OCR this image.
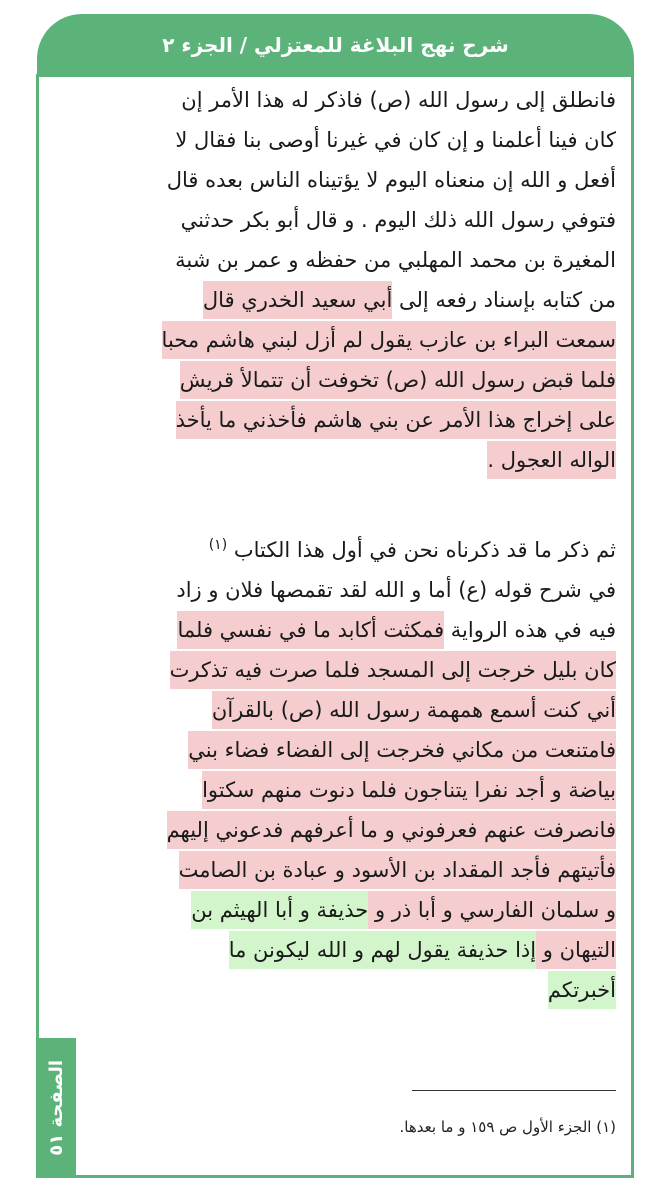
شرح نهج البلاغة للمعتزلي / الجزء ٢
الصفحة ٥١
فانطلق إلى رسول الله (ص) فاذكر له هذا الأمر إن
كان فينا أعلمنا و إن كان في غيرنا أوصى بنا فقال لا
أفعل و الله إن منعناه اليوم لا يؤتيناه الناس بعده قال
فتوفي رسول الله ذلك اليوم . و قال أبو بكر حدثني
المغيرة بن محمد المهلبي من حفظه و عمر بن شبة
من كتابه بإسناد رفعه إلى أبي سعيد الخدري قال
سمعت البراء بن عازب يقول لم أزل لبني هاشم محبا
فلما قبض رسول الله (ص) تخوفت أن تتمالأ قريش
على إخراج هذا الأمر عن بني هاشم فأخذني ما يأخذ
الواله العجول .
ثم ذكر ما قد ذكرناه نحن في أول هذا الكتاب $^{(١)}$
في شرح قوله (ع) أما و الله لقد تقمصها فلان و زاد
فيه في هذه الرواية فمكثت أكابد ما في نفسي فلما
كان بليل خرجت إلى المسجد فلما صرت فيه تذكرت
أني كنت أسمع همهمة رسول الله (ص) بالقرآن
فامتنعت من مكاني فخرجت إلى الفضاء فضاء بني
بياضة و أجد نفرا يتناجون فلما دنوت منهم سكتوا
فانصرفت عنهم فعرفوني و ما أعرفهم فدعوني إليهم
فأتيتهم فأجد المقداد بن الأسود و عبادة بن الصامت
و سلمان الفارسي و أبا ذر و حذيفة و أبا الهيثم بن
التيهان و إذا حذيفة يقول لهم و الله ليكونن ما
أخبرتكم
(١) الجزء الأول ص ١٥٩ و ما بعدها.
